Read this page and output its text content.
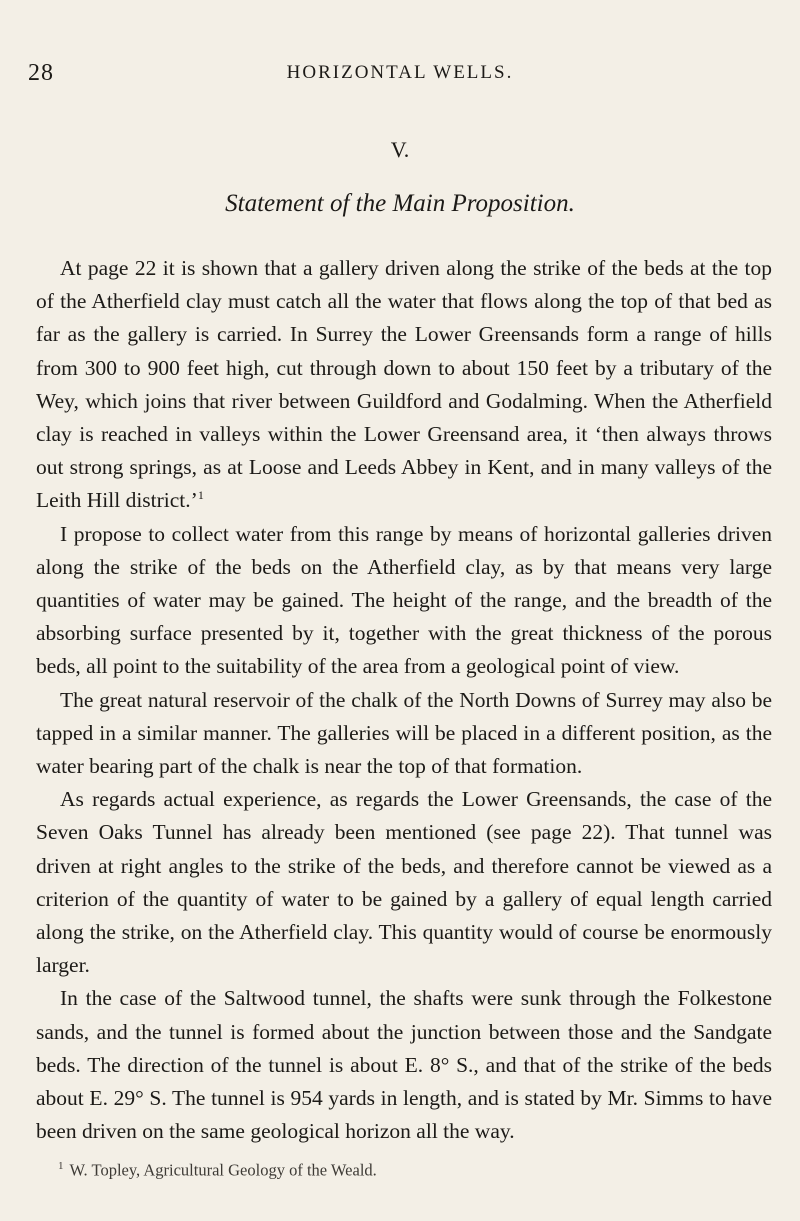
28	HORIZONTAL WELLS.
V.
Statement of the Main Proposition.

At page 22 it is shown that a gallery driven along the strike of the beds at the top of the Atherfield clay must catch all the water that flows along the top of that bed as far as the gallery is carried. In Surrey the Lower Greensands form a range of hills from 300 to 900 feet high, cut through down to about 150 feet by a tributary of the Wey, which joins that river between Guildford and Godalming. When the Atherfield clay is reached in valleys within the Lower Greensand area, it ‘then always throws out strong springs, as at Loose and Leeds Abbey in Kent, and in many valleys of the Leith Hill district.’$^1$

I propose to collect water from this range by means of horizontal galleries driven along the strike of the beds on the Atherfield clay, as by that means very large quantities of water may be gained. The height of the range, and the breadth of the absorbing surface presented by it, together with the great thickness of the porous beds, all point to the suitability of the area from a geological point of view.

The great natural reservoir of the chalk of the North Downs of Surrey may also be tapped in a similar manner. The galleries will be placed in a different position, as the water bearing part of the chalk is near the top of that formation.

As regards actual experience, as regards the Lower Greensands, the case of the Seven Oaks Tunnel has already been mentioned (see page 22). That tunnel was driven at right angles to the strike of the beds, and therefore cannot be viewed as a criterion of the quantity of water to be gained by a gallery of equal length carried along the strike, on the Atherfield clay. This quantity would of course be enormously larger.

In the case of the Saltwood tunnel, the shafts were sunk through the Folkestone sands, and the tunnel is formed about the junction between those and the Sandgate beds. The direction of the tunnel is about E. 8° S., and that of the strike of the beds about E. 29° S. The tunnel is 954 yards in length, and is stated by Mr. Simms to have been driven on the same geological horizon all the way.

$^1$ W. Topley, Agricultural Geology of the Weald.
